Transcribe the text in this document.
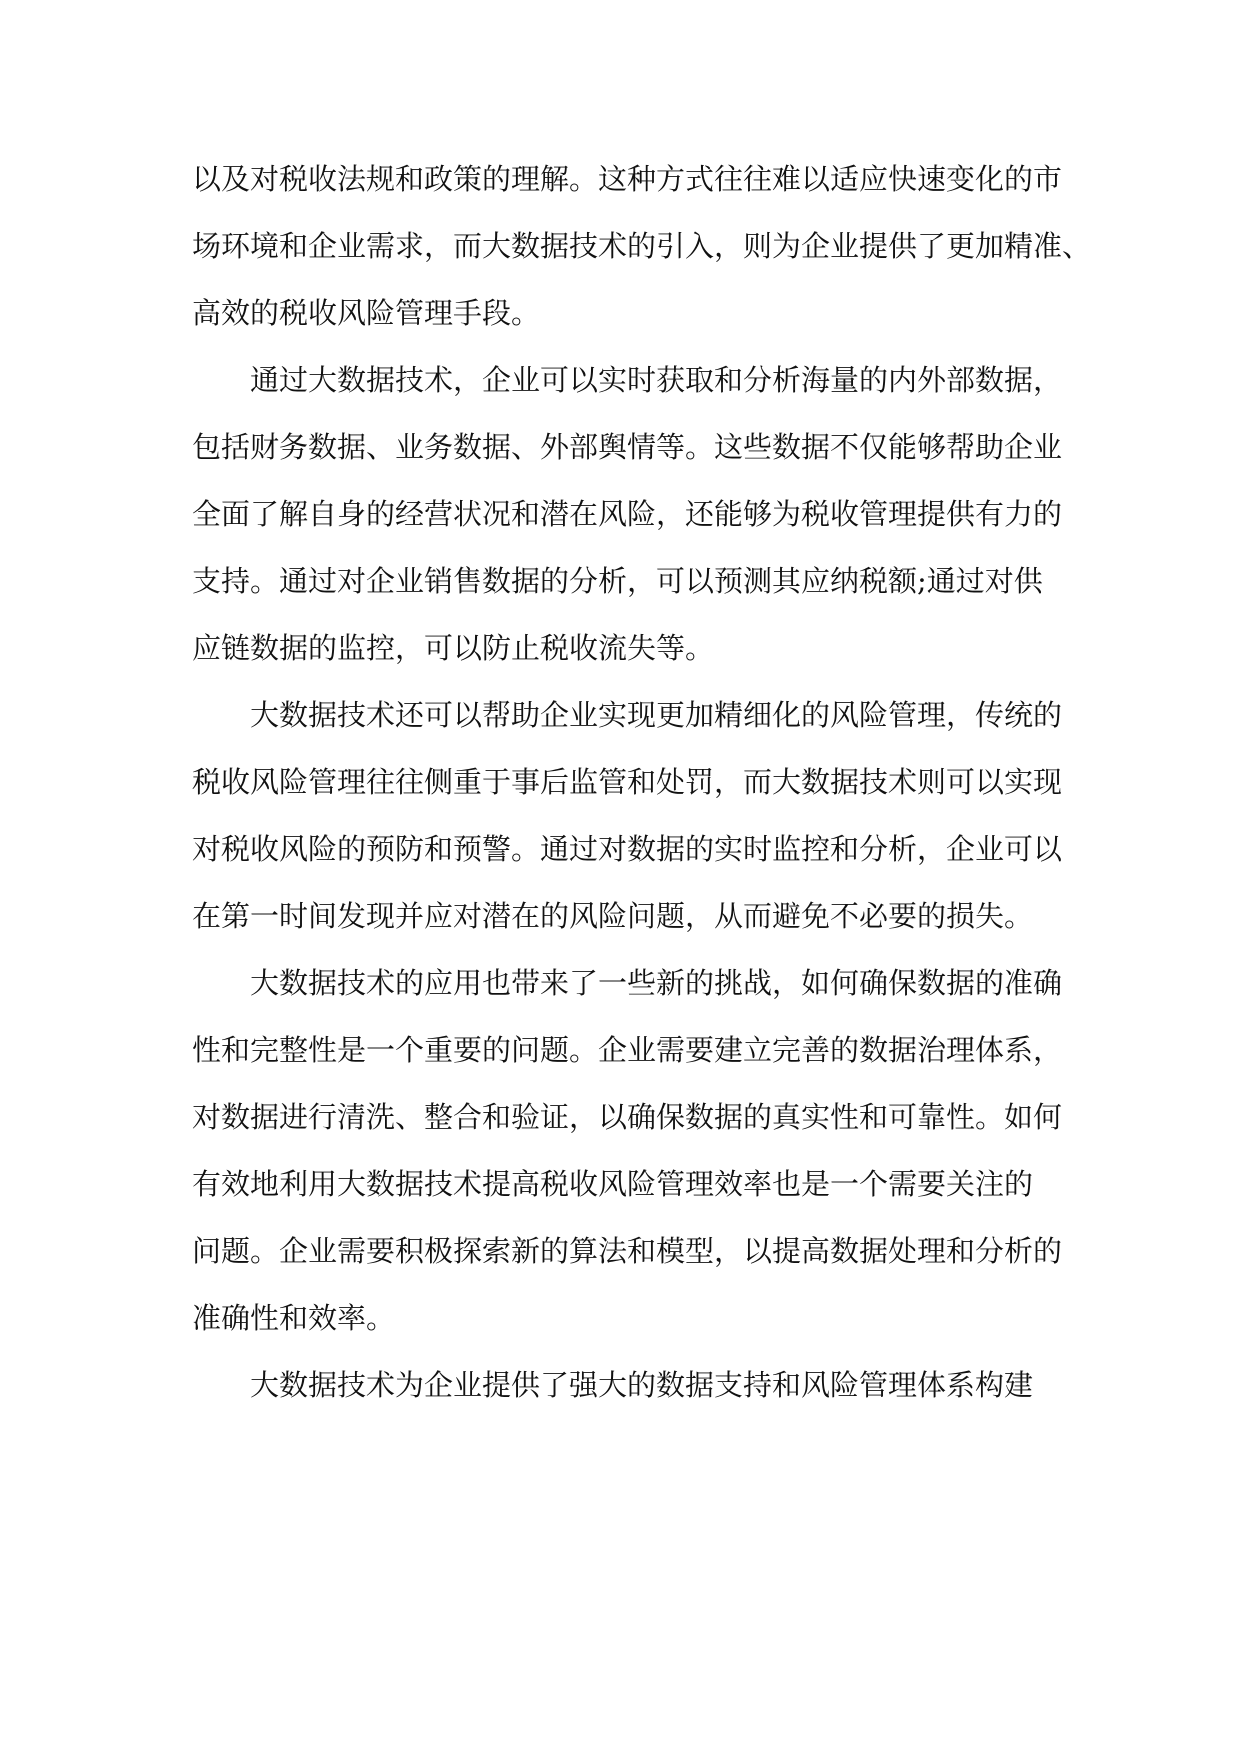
以及对税收法规和政策的理解。这种方式往往难以适应快速变化的市
场环境和企业需求，而大数据技术的引入，则为企业提供了更加精准、
高效的税收风险管理手段。
通过大数据技术，企业可以实时获取和分析海量的内外部数据，
包括财务数据、业务数据、外部舆情等。这些数据不仅能够帮助企业
全面了解自身的经营状况和潜在风险，还能够为税收管理提供有力的
支持。通过对企业销售数据的分析，可以预测其应纳税额;通过对供
应链数据的监控，可以防止税收流失等。
大数据技术还可以帮助企业实现更加精细化的风险管理，传统的
税收风险管理往往侧重于事后监管和处罚，而大数据技术则可以实现
对税收风险的预防和预警。通过对数据的实时监控和分析，企业可以
在第一时间发现并应对潜在的风险问题，从而避免不必要的损失。
大数据技术的应用也带来了一些新的挑战，如何确保数据的准确
性和完整性是一个重要的问题。企业需要建立完善的数据治理体系，
对数据进行清洗、整合和验证，以确保数据的真实性和可靠性。如何
有效地利用大数据技术提高税收风险管理效率也是一个需要关注的
问题。企业需要积极探索新的算法和模型，以提高数据处理和分析的
准确性和效率。
大数据技术为企业提供了强大的数据支持和风险管理体系构建
